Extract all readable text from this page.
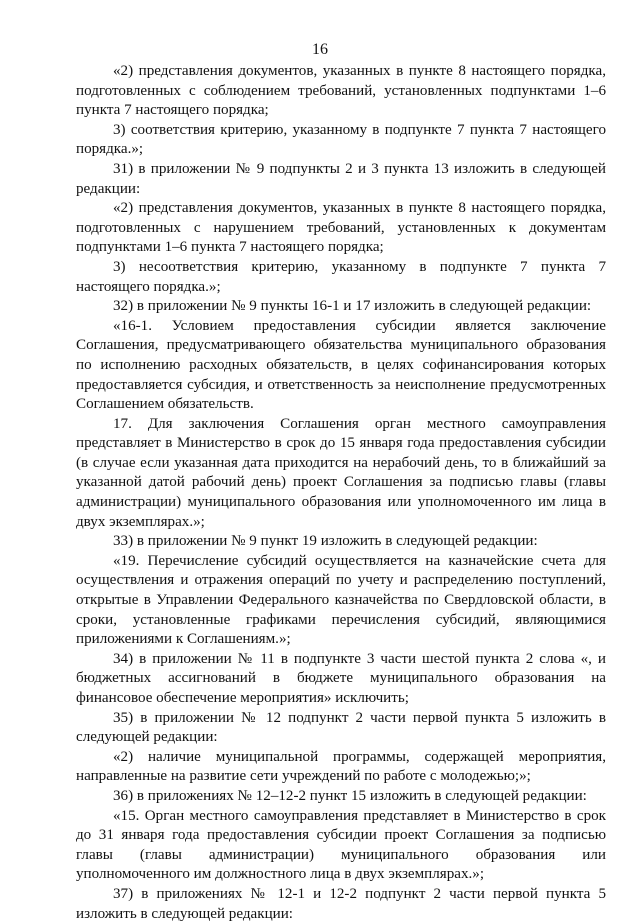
16

«2) представления документов, указанных в пункте 8 настоящего порядка, подготовленных с соблюдением требований, установленных подпунктами 1–6 пункта 7 настоящего порядка;

3) соответствия критерию, указанному в подпункте 7 пункта 7 настоящего порядка.»;

31) в приложении № 9 подпункты 2 и 3 пункта 13 изложить в следующей редакции:

«2) представления документов, указанных в пункте 8 настоящего порядка, подготовленных с нарушением требований, установленных к документам подпунктами 1–6 пункта 7 настоящего порядка;

3) несоответствия критерию, указанному в подпункте 7 пункта 7 настоящего порядка.»;

32) в приложении № 9 пункты 16-1 и 17 изложить в следующей редакции:

«16-1. Условием предоставления субсидии является заключение Соглашения, предусматривающего обязательства муниципального образования по исполнению расходных обязательств, в целях софинансирования которых предоставляется субсидия, и ответственность за неисполнение предусмотренных Соглашением обязательств.

17. Для заключения Соглашения орган местного самоуправления представляет в Министерство в срок до 15 января года предоставления субсидии (в случае если указанная дата приходится на нерабочий день, то в ближайший за указанной датой рабочий день) проект Соглашения за подписью главы (главы администрации) муниципального образования или уполномоченного им лица в двух экземплярах.»;

33) в приложении № 9 пункт 19 изложить в следующей редакции:

«19. Перечисление субсидий осуществляется на казначейские счета для осуществления и отражения операций по учету и распределению поступлений, открытые в Управлении Федерального казначейства по Свердловской области, в сроки, установленные графиками перечисления субсидий, являющимися приложениями к Соглашениям.»;

34) в приложении № 11 в подпункте 3 части шестой пункта 2 слова «, и бюджетных ассигнований в бюджете муниципального образования на финансовое обеспечение мероприятия» исключить;

35) в приложении № 12 подпункт 2 части первой пункта 5 изложить в следующей редакции:

«2) наличие муниципальной программы, содержащей мероприятия, направленные на развитие сети учреждений по работе с молодежью;»;

36) в приложениях № 12–12-2 пункт 15 изложить в следующей редакции:

«15. Орган местного самоуправления представляет в Министерство в срок до 31 января года предоставления субсидии проект Соглашения за подписью главы (главы администрации) муниципального образования или уполномоченного им должностного лица в двух экземплярах.»;

37) в приложениях № 12-1 и 12-2 подпункт 2 части первой пункта 5 изложить в следующей редакции:
